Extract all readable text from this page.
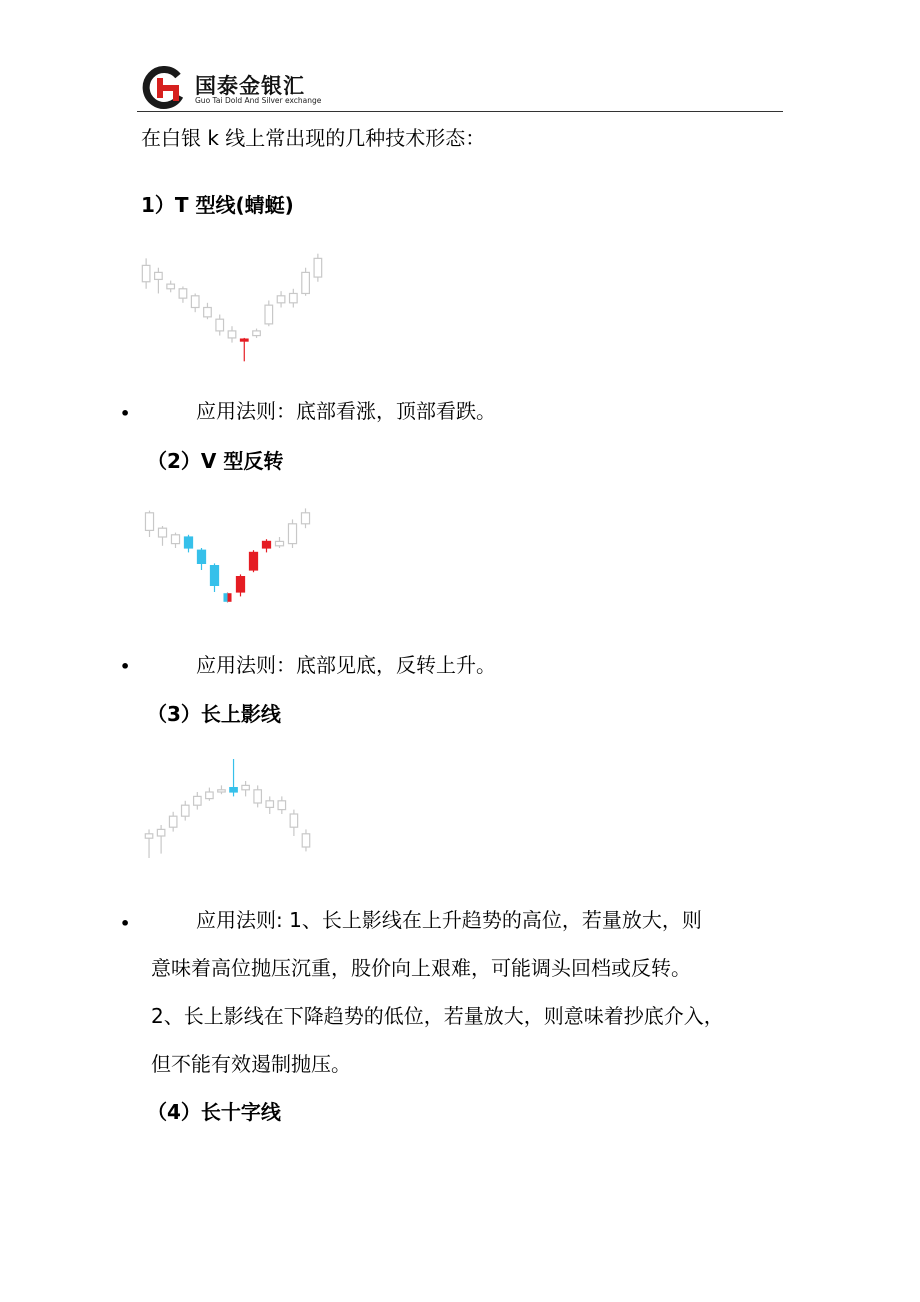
国泰金银汇
Guo Tai Dold And Silver exchange
在白银 k 线上常出现的几种技术形态：
1）T 型线(蜻蜓)
•	应用法则：底部看涨，顶部看跌。
（2）V 型反转
•	应用法则：底部见底，反转上升。
（3）长上影线
•	应用法则: 1、长上影线在上升趋势的高位，若量放大，则
意味着高位抛压沉重，股价向上艰难，可能调头回档或反转。
2、长上影线在下降趋势的低位，若量放大，则意味着抄底介入，
但不能有效遏制抛压。
（4）长十字线
